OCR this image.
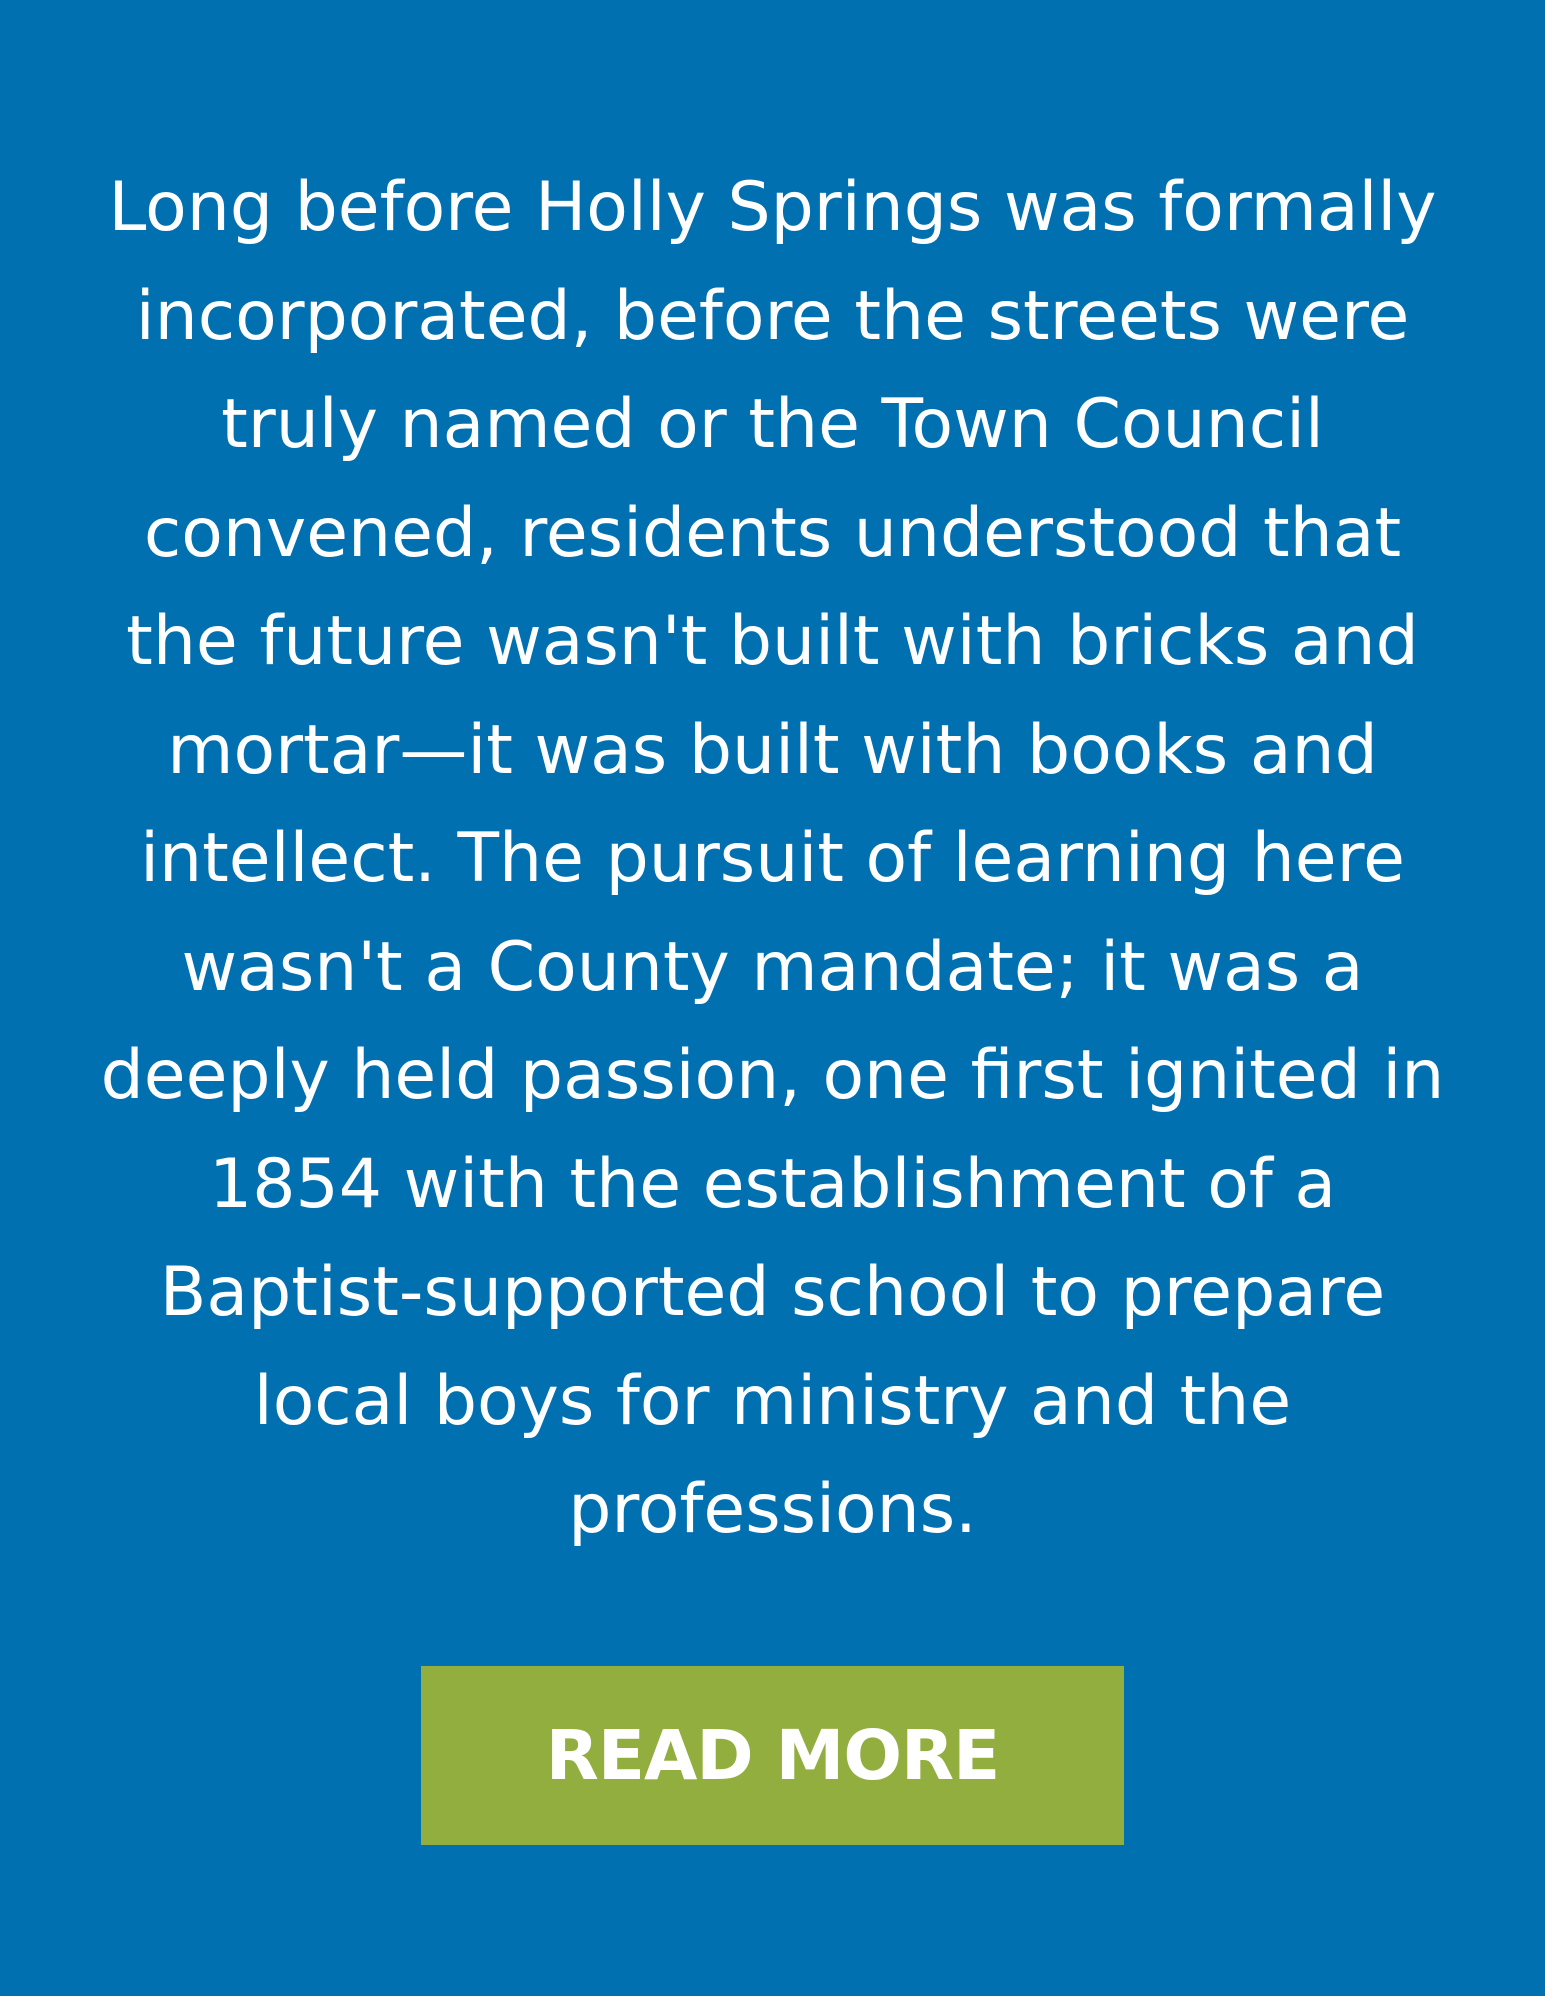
Long before Holly Springs was formally
incorporated, before the streets were
truly named or the Town Council
convened, residents understood that
the future wasn't built with bricks and
mortar—it was built with books and
intellect. The pursuit of learning here
wasn't a County mandate; it was a
deeply held passion, one first ignited in
1854 with the establishment of a
Baptist-supported school to prepare
local boys for ministry and the
professions.

READ MORE
